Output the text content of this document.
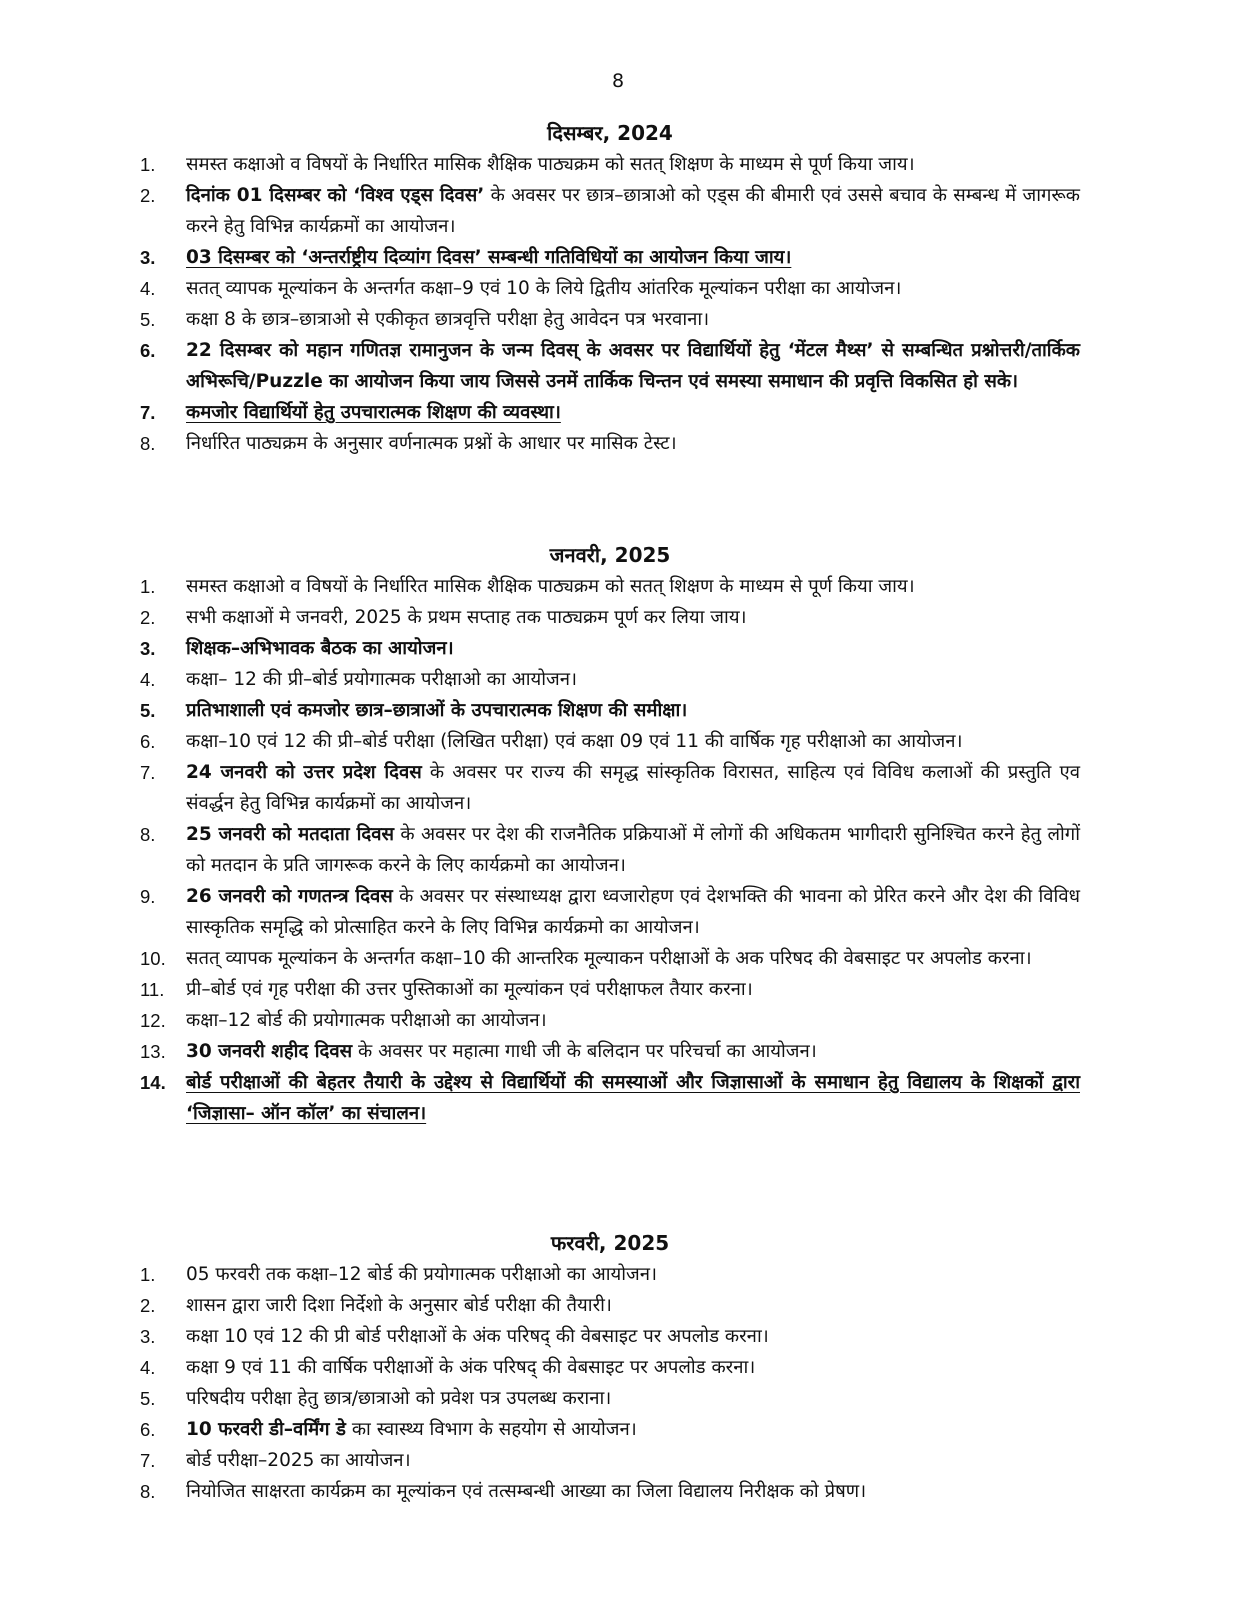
8
दिसम्बर, 2024
1.	समस्त कक्षाओ व विषयों के निर्धारित मासिक शैक्षिक पाठ्यक्रम को सतत् शिक्षण के माध्यम से पूर्ण किया जाय।
2.	दिनांक 01 दिसम्बर को ‘विश्व एड्स दिवस’ के अवसर पर छात्र–छात्राओ को एड्स की बीमारी एवं उससे बचाव के सम्बन्ध में जागरूक करने हेतु विभिन्न कार्यक्रमों का आयोजन।
3.	03 दिसम्बर को ‘अन्तर्राष्ट्रीय दिव्यांग दिवस’ सम्बन्धी गतिविधियों का आयोजन किया जाय।
4.	सतत् व्यापक मूल्यांकन के अन्तर्गत कक्षा–9 एवं 10 के लिये द्वितीय आंतरिक मूल्यांकन परीक्षा का आयोजन।
5.	कक्षा 8 के छात्र–छात्राओ से एकीकृत छात्रवृत्ति परीक्षा हेतु आवेदन पत्र भरवाना।
6.	22 दिसम्बर को महान गणितज्ञ रामानुजन के जन्म दिवस् के अवसर पर विद्यार्थियों हेतु ‘मेंटल मैथ्स’ से सम्बन्धित प्रश्नोत्तरी/तार्किक अभिरूचि/Puzzle का आयोजन किया जाय जिससे उनमें तार्किक चिन्तन एवं समस्या समाधान की प्रवृत्ति विकसित हो सके।
7.	कमजोर विद्यार्थियों हेतु उपचारात्मक शिक्षण की व्यवस्था।
8.	निर्धारित पाठ्यक्रम के अनुसार वर्णनात्मक प्रश्नों के आधार पर मासिक टेस्ट।
जनवरी, 2025
1.	समस्त कक्षाओ व विषयों के निर्धारित मासिक शैक्षिक पाठ्यक्रम को सतत् शिक्षण के माध्यम से पूर्ण किया जाय।
2.	सभी कक्षाओं मे जनवरी, 2025 के प्रथम सप्ताह तक पाठ्यक्रम पूर्ण कर लिया जाय।
3.	शिक्षक–अभिभावक बैठक का आयोजन।
4.	कक्षा– 12 की प्री–बोर्ड प्रयोगात्मक परीक्षाओ का आयोजन।
5.	प्रतिभाशाली एवं कमजोर छात्र–छात्राओं के उपचारात्मक शिक्षण की समीक्षा।
6.	कक्षा–10 एवं 12 की प्री–बोर्ड परीक्षा (लिखित परीक्षा) एवं कक्षा 09 एवं 11 की वार्षिक गृह परीक्षाओ का आयोजन।
7.	24 जनवरी को उत्तर प्रदेश दिवस के अवसर पर राज्य की समृद्ध सांस्कृतिक विरासत, साहित्य एवं विविध कलाओं की प्रस्तुति एव संवर्द्धन हेतु विभिन्न कार्यक्रमों का आयोजन।
8.	25 जनवरी को मतदाता दिवस के अवसर पर देश की राजनैतिक प्रक्रियाओं में लोगों की अधिकतम भागीदारी सुनिश्चित करने हेतु लोगों को मतदान के प्रति जागरूक करने के लिए कार्यक्रमो का आयोजन।
9.	26 जनवरी को गणतन्त्र दिवस के अवसर पर संस्थाध्यक्ष द्वारा ध्वजारोहण एवं देशभक्ति की भावना को प्रेरित करने और देश की विविध सास्कृतिक समृद्धि को प्रोत्साहित करने के लिए विभिन्न कार्यक्रमो का आयोजन।
10.	सतत् व्यापक मूल्यांकन के अन्तर्गत कक्षा–10 की आन्तरिक मूल्याकन परीक्षाओं के अक परिषद की वेबसाइट पर अपलोड करना।
11.	प्री–बोर्ड एवं गृह परीक्षा की उत्तर पुस्तिकाओं का मूल्यांकन एवं परीक्षाफल तैयार करना।
12.	कक्षा–12 बोर्ड की प्रयोगात्मक परीक्षाओ का आयोजन।
13.	30 जनवरी शहीद दिवस के अवसर पर महात्मा गाधी जी के बलिदान पर परिचर्चा का आयोजन।
14.	बोर्ड परीक्षाओं की बेहतर तैयारी के उद्देश्य से विद्यार्थियों की समस्याओं और जिज्ञासाओं के समाधान हेतु विद्यालय के शिक्षकों द्वारा ‘जिज्ञासा– ऑन कॉल’ का संचालन।
फरवरी, 2025
1.	05 फरवरी तक कक्षा–12 बोर्ड की प्रयोगात्मक परीक्षाओ का आयोजन।
2.	शासन द्वारा जारी दिशा निर्देशो के अनुसार बोर्ड परीक्षा की तैयारी।
3.	कक्षा 10 एवं 12 की प्री बोर्ड परीक्षाओं के अंक परिषद् की वेबसाइट पर अपलोड करना।
4.	कक्षा 9 एवं 11 की वार्षिक परीक्षाओं के अंक परिषद् की वेबसाइट पर अपलोड करना।
5.	परिषदीय परीक्षा हेतु छात्र/छात्राओ को प्रवेश पत्र उपलब्ध कराना।
6.	10 फरवरी डी–वर्मिंग डे का स्वास्थ्य विभाग के सहयोग से आयोजन।
7.	बोर्ड परीक्षा–2025 का आयोजन।
8.	नियोजित साक्षरता कार्यक्रम का मूल्यांकन एवं तत्सम्बन्धी आख्या का जिला विद्यालय निरीक्षक को प्रेषण।
